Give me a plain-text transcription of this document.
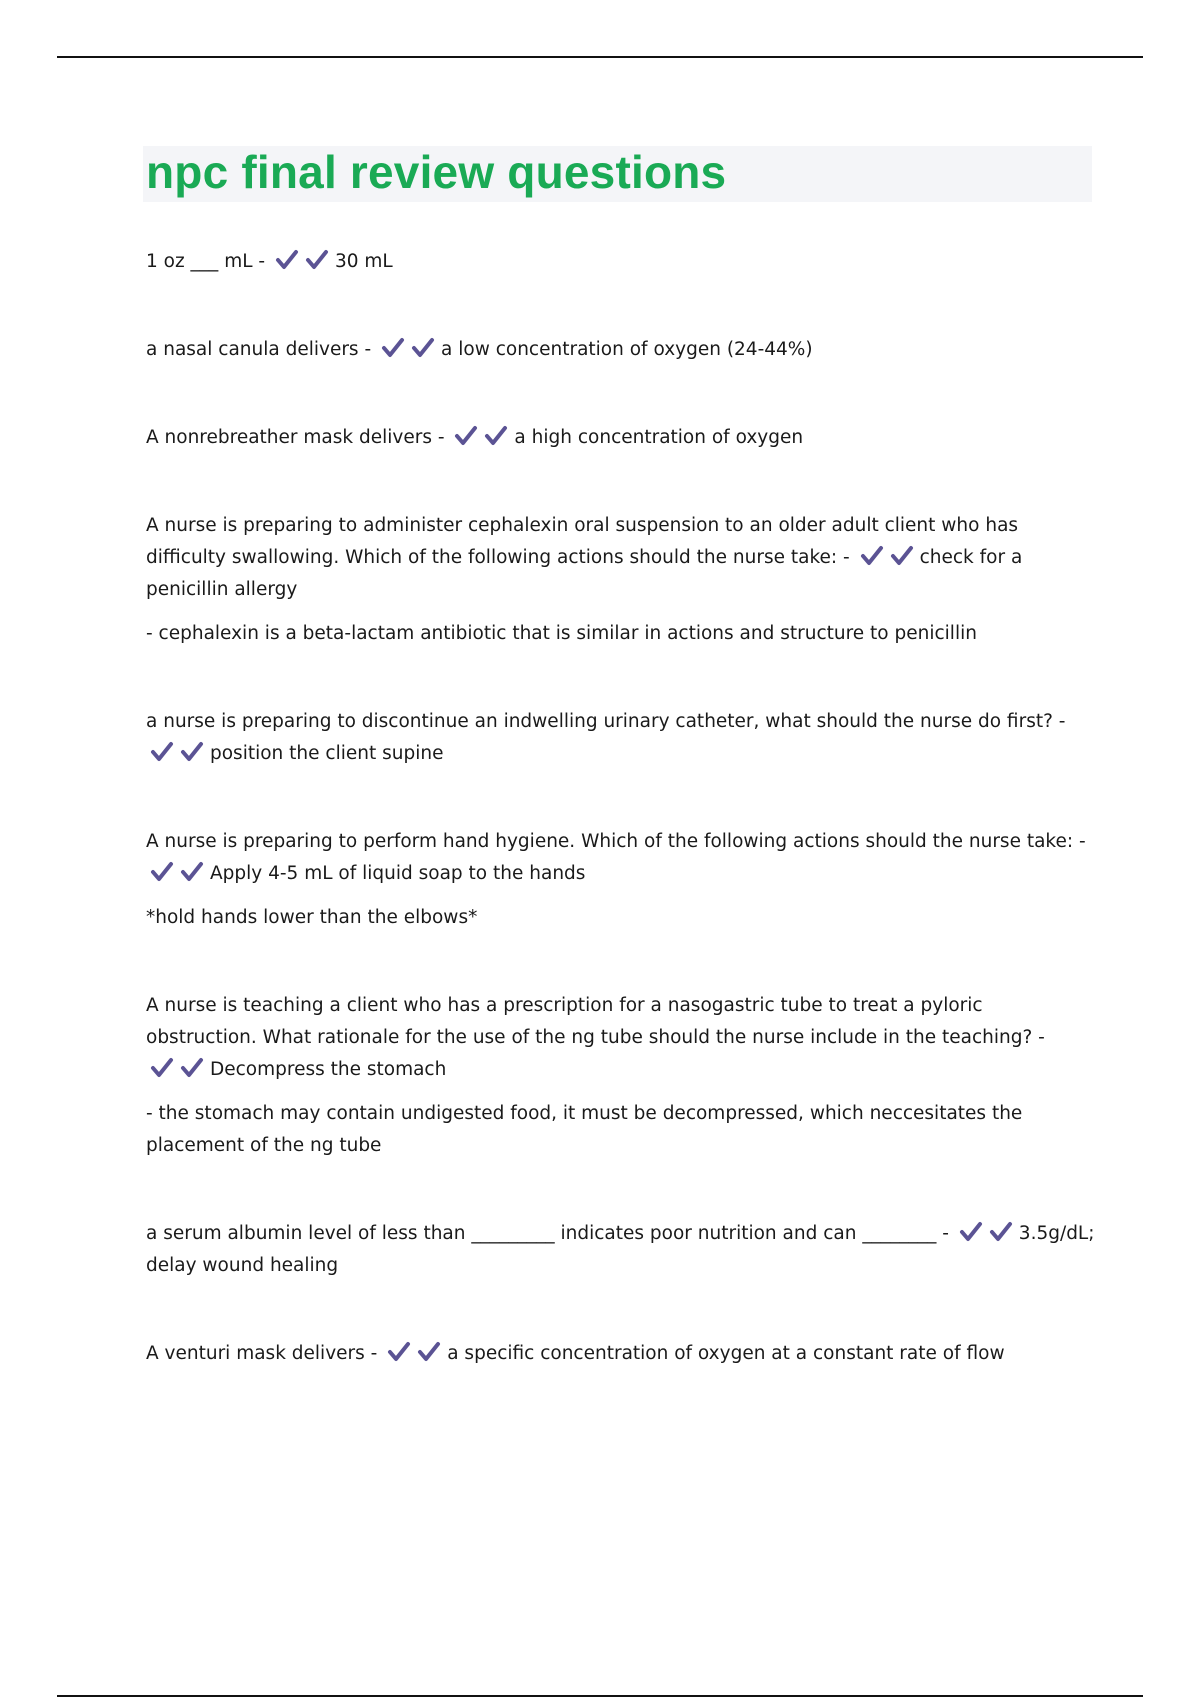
npc final review questions
1 oz ___ mL -	30 mL
a nasal canula delivers -	a low concentration of oxygen (24-44%)
A nonrebreather mask delivers -	a high concentration of oxygen
A nurse is preparing to administer cephalexin oral suspension to an older adult client who has difficulty swallowing. Which of the following actions should the nurse take: -	check for a penicillin allergy
- cephalexin is a beta-lactam antibiotic that is similar in actions and structure to penicillin
a nurse is preparing to discontinue an indwelling urinary catheter, what should the nurse do first? - position the client supine
A nurse is preparing to perform hand hygiene. Which of the following actions should the nurse take: - Apply 4-5 mL of liquid soap to the hands
*hold hands lower than the elbows*
A nurse is teaching a client who has a prescription for a nasogastric tube to treat a pyloric obstruction. What rationale for the use of the ng tube should the nurse include in the teaching? - Decompress the stomach
- the stomach may contain undigested food, it must be decompressed, which neccesitates the placement of the ng tube
a serum albumin level of less than _________ indicates poor nutrition and can ________ -	3.5g/dL; delay wound healing
A venturi mask delivers -	a specific concentration of oxygen at a constant rate of flow
